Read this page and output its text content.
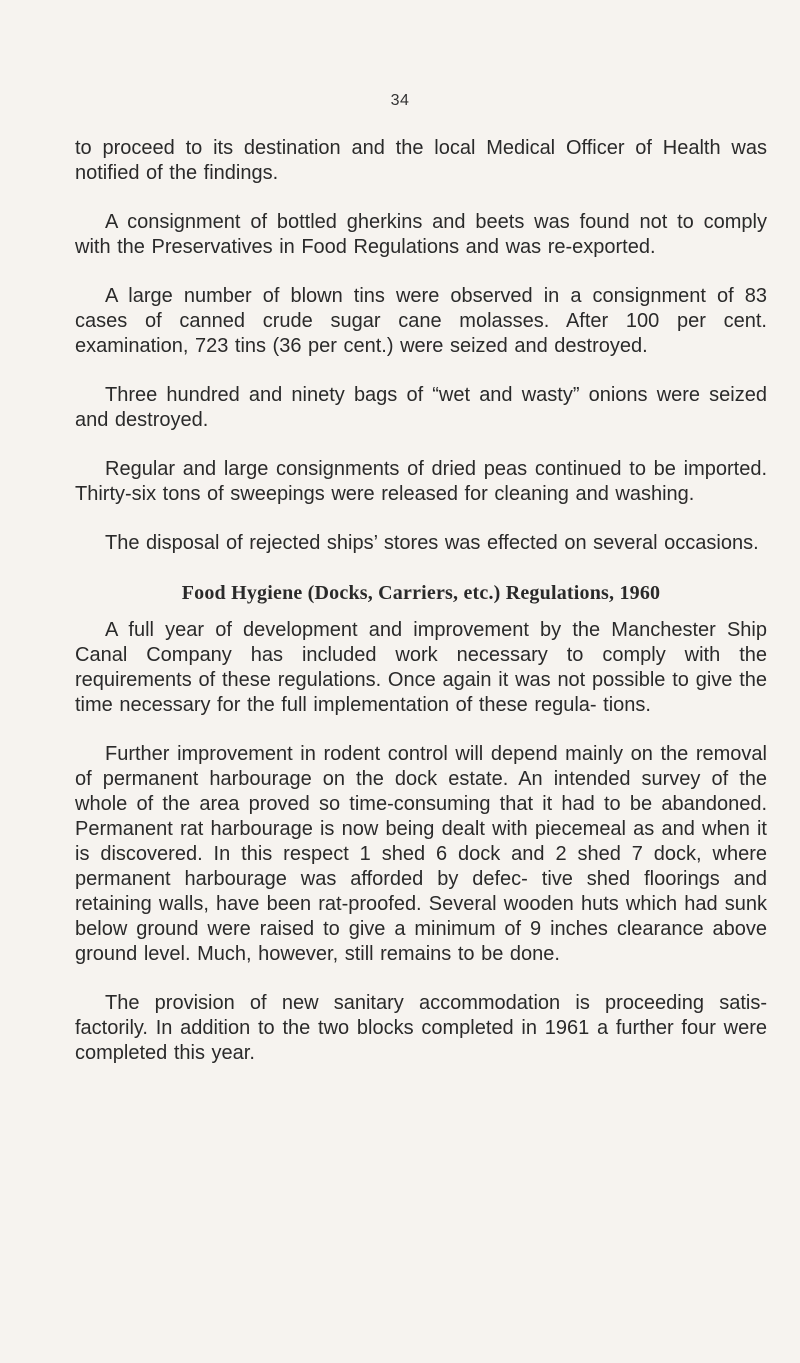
34

to proceed to its destination and the local Medical Officer of Health was notified of the findings.

A consignment of bottled gherkins and beets was found not to comply with the Preservatives in Food Regulations and was re-exported.

A large number of blown tins were observed in a consignment of 83 cases of canned crude sugar cane molasses. After 100 per cent. examination, 723 tins (36 per cent.) were seized and destroyed.

Three hundred and ninety bags of “wet and wasty” onions were seized and destroyed.

Regular and large consignments of dried peas continued to be imported. Thirty-six tons of sweepings were released for cleaning and washing.

The disposal of rejected ships’ stores was effected on several occasions.

Food Hygiene (Docks, Carriers, etc.) Regulations, 1960

A full year of development and improvement by the Manchester Ship Canal Company has included work necessary to comply with the requirements of these regulations. Once again it was not possible to give the time necessary for the full implementation of these regula- tions.

Further improvement in rodent control will depend mainly on the removal of permanent harbourage on the dock estate. An intended survey of the whole of the area proved so time-consuming that it had to be abandoned. Permanent rat harbourage is now being dealt with piecemeal as and when it is discovered. In this respect 1 shed 6 dock and 2 shed 7 dock, where permanent harbourage was afforded by defec- tive shed floorings and retaining walls, have been rat-proofed. Several wooden huts which had sunk below ground were raised to give a minimum of 9 inches clearance above ground level. Much, however, still remains to be done.

The provision of new sanitary accommodation is proceeding satis- factorily. In addition to the two blocks completed in 1961 a further four were completed this year.
